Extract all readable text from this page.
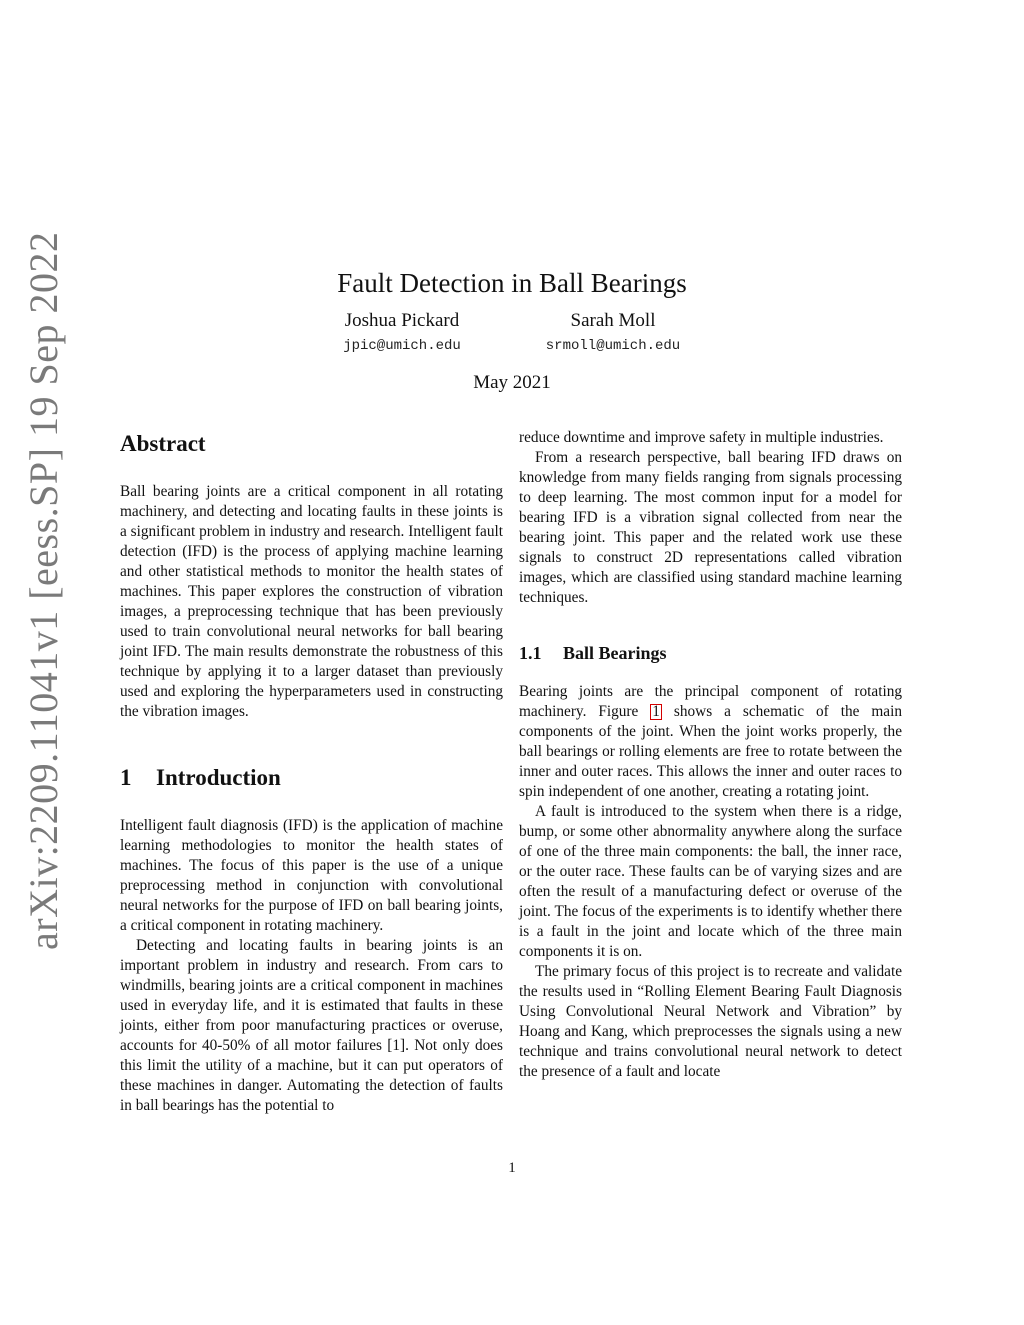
arXiv:2209.11041v1 [eess.SP] 19 Sep 2022	Fault Detection in Ball Bearings
Joshua Pickard
jpic@umich.edu
Sarah Moll
srmoll@umich.edu
May 2021
Abstract

Ball bearing joints are a critical component in all rotating machinery, and detecting and locating faults in these joints is a significant problem in industry and research. Intelligent fault detection (IFD) is the process of applying machine learning and other statistical methods to monitor the health states of machines. This paper explores the construction of vibration images, a preprocessing technique that has been previously used to train convolutional neural networks for ball bearing joint IFD. The main results demonstrate the robustness of this technique by applying it to a larger dataset than previously used and exploring the hyperparameters used in constructing the vibration images.

1 Introduction

Intelligent fault diagnosis (IFD) is the application of machine learning methodologies to monitor the health states of machines. The focus of this paper is the use of a unique preprocessing method in conjunction with convolutional neural networks for the purpose of IFD on ball bearing joints, a critical component in rotating machinery.

Detecting and locating faults in bearing joints is an important problem in industry and research. From cars to windmills, bearing joints are a critical component in machines used in everyday life, and it is estimated that faults in these joints, either from poor manufacturing practices or overuse, accounts for 40-50% of all motor failures [1]. Not only does this limit the utility of a machine, but it can put operators of these machines in danger. Automating the detection of faults in ball bearings has the potential to

reduce downtime and improve safety in multiple industries.

From a research perspective, ball bearing IFD draws on knowledge from many fields ranging from signals processing to deep learning. The most common input for a model for bearing IFD is a vibration signal collected from near the bearing joint. This paper and the related work use these signals to construct 2D representations called vibration images, which are classified using standard machine learning techniques.

1.1 Ball Bearings

Bearing joints are the principal component of rotating machinery. Figure 1 shows a schematic of the main components of the joint. When the joint works properly, the ball bearings or rolling elements are free to rotate between the inner and outer races. This allows the inner and outer races to spin independent of one another, creating a rotating joint.

A fault is introduced to the system when there is a ridge, bump, or some other abnormality anywhere along the surface of one of the three main components: the ball, the inner race, or the outer race. These faults can be of varying sizes and are often the result of a manufacturing defect or overuse of the joint. The focus of the experiments is to identify whether there is a fault in the joint and locate which of the three main components it is on.

The primary focus of this project is to recreate and validate the results used in “Rolling Element Bearing Fault Diagnosis Using Convolutional Neural Network and Vibration” by Hoang and Kang, which preprocesses the signals using a new technique and trains convolutional neural network to detect the presence of a fault and locate

1
